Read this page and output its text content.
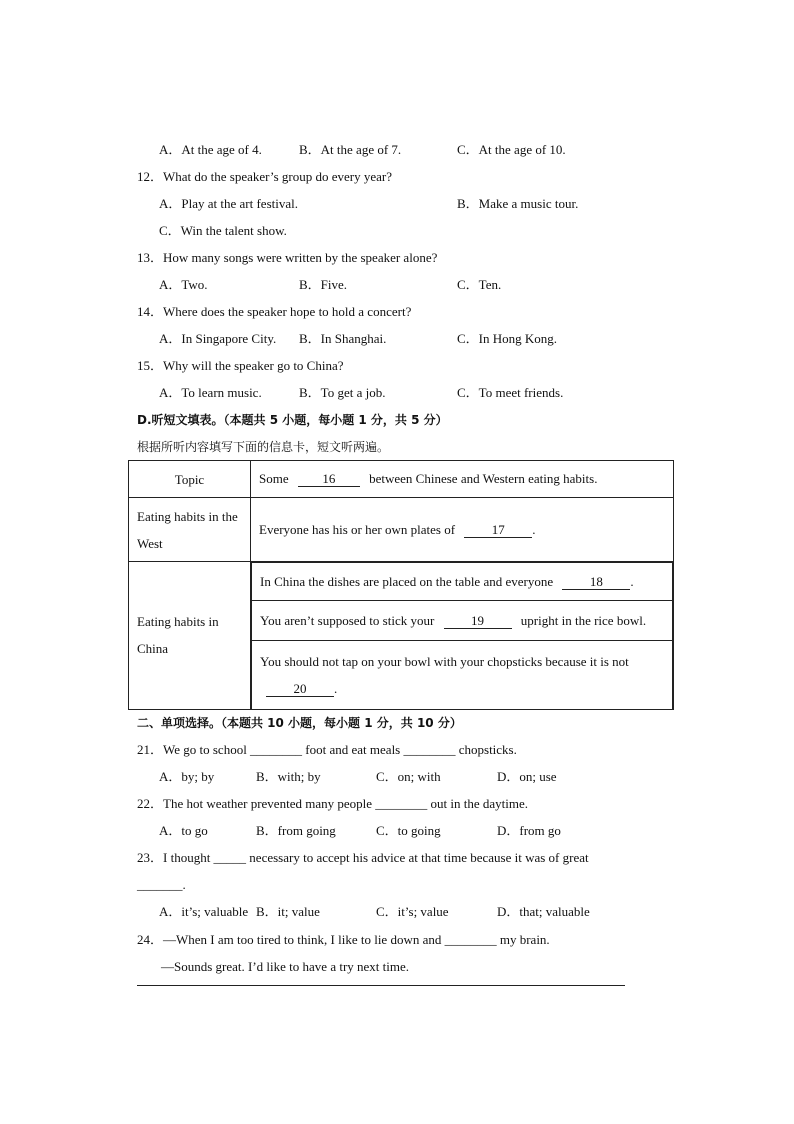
A．At the age of 4.	B．At the age of 7.	C．At the age of 10.
12．What do the speaker’s group do every year?
A．Play at the art festival.	B．Make a music tour.
C．Win the talent show.
13．How many songs were written by the speaker alone?
A．Two.	B．Five.	C．Ten.
14．Where does the speaker hope to hold a concert?
A．In Singapore City. B．In Shanghai.	C．In Hong Kong.
15．Why will the speaker go to China?
A．To learn music.	B．To get a job.	C．To meet friends.
D.听短文填表。（本题共 5 小题，每小题 1 分，共 5 分）
根据所听内容填写下面的信息卡，短文听两遍。
Topic	Some	16	between Chinese and Western eating habits.
Eating habits in the West	Everyone has his or her own plates of	17 .
Eating habits in China	
In China the dishes are placed on the table and everyone	18 .
You aren’t supposed to stick your	19	upright in the rice bowl.
You should not tap on your bowl with your chopsticks because it is not
20 .
二、单项选择。（本题共 10 小题，每小题 1 分，共 10 分）
21．We go to school ________ foot and eat meals ________ chopsticks.
A．by; by	B．with; by	C．on; with	D．on; use
22．The hot weather prevented many people ________ out in the daytime.
A．to go	B．from going	C．to going	D．from go
23．I thought _____ necessary to accept his advice at that time because it was of great
_______.
A．it’s; valuable B．it; value	C．it’s; value	D．that; valuable
24．—When I am too tired to think, I like to lie down and ________ my brain.
—Sounds great. I’d like to have a try next time.
